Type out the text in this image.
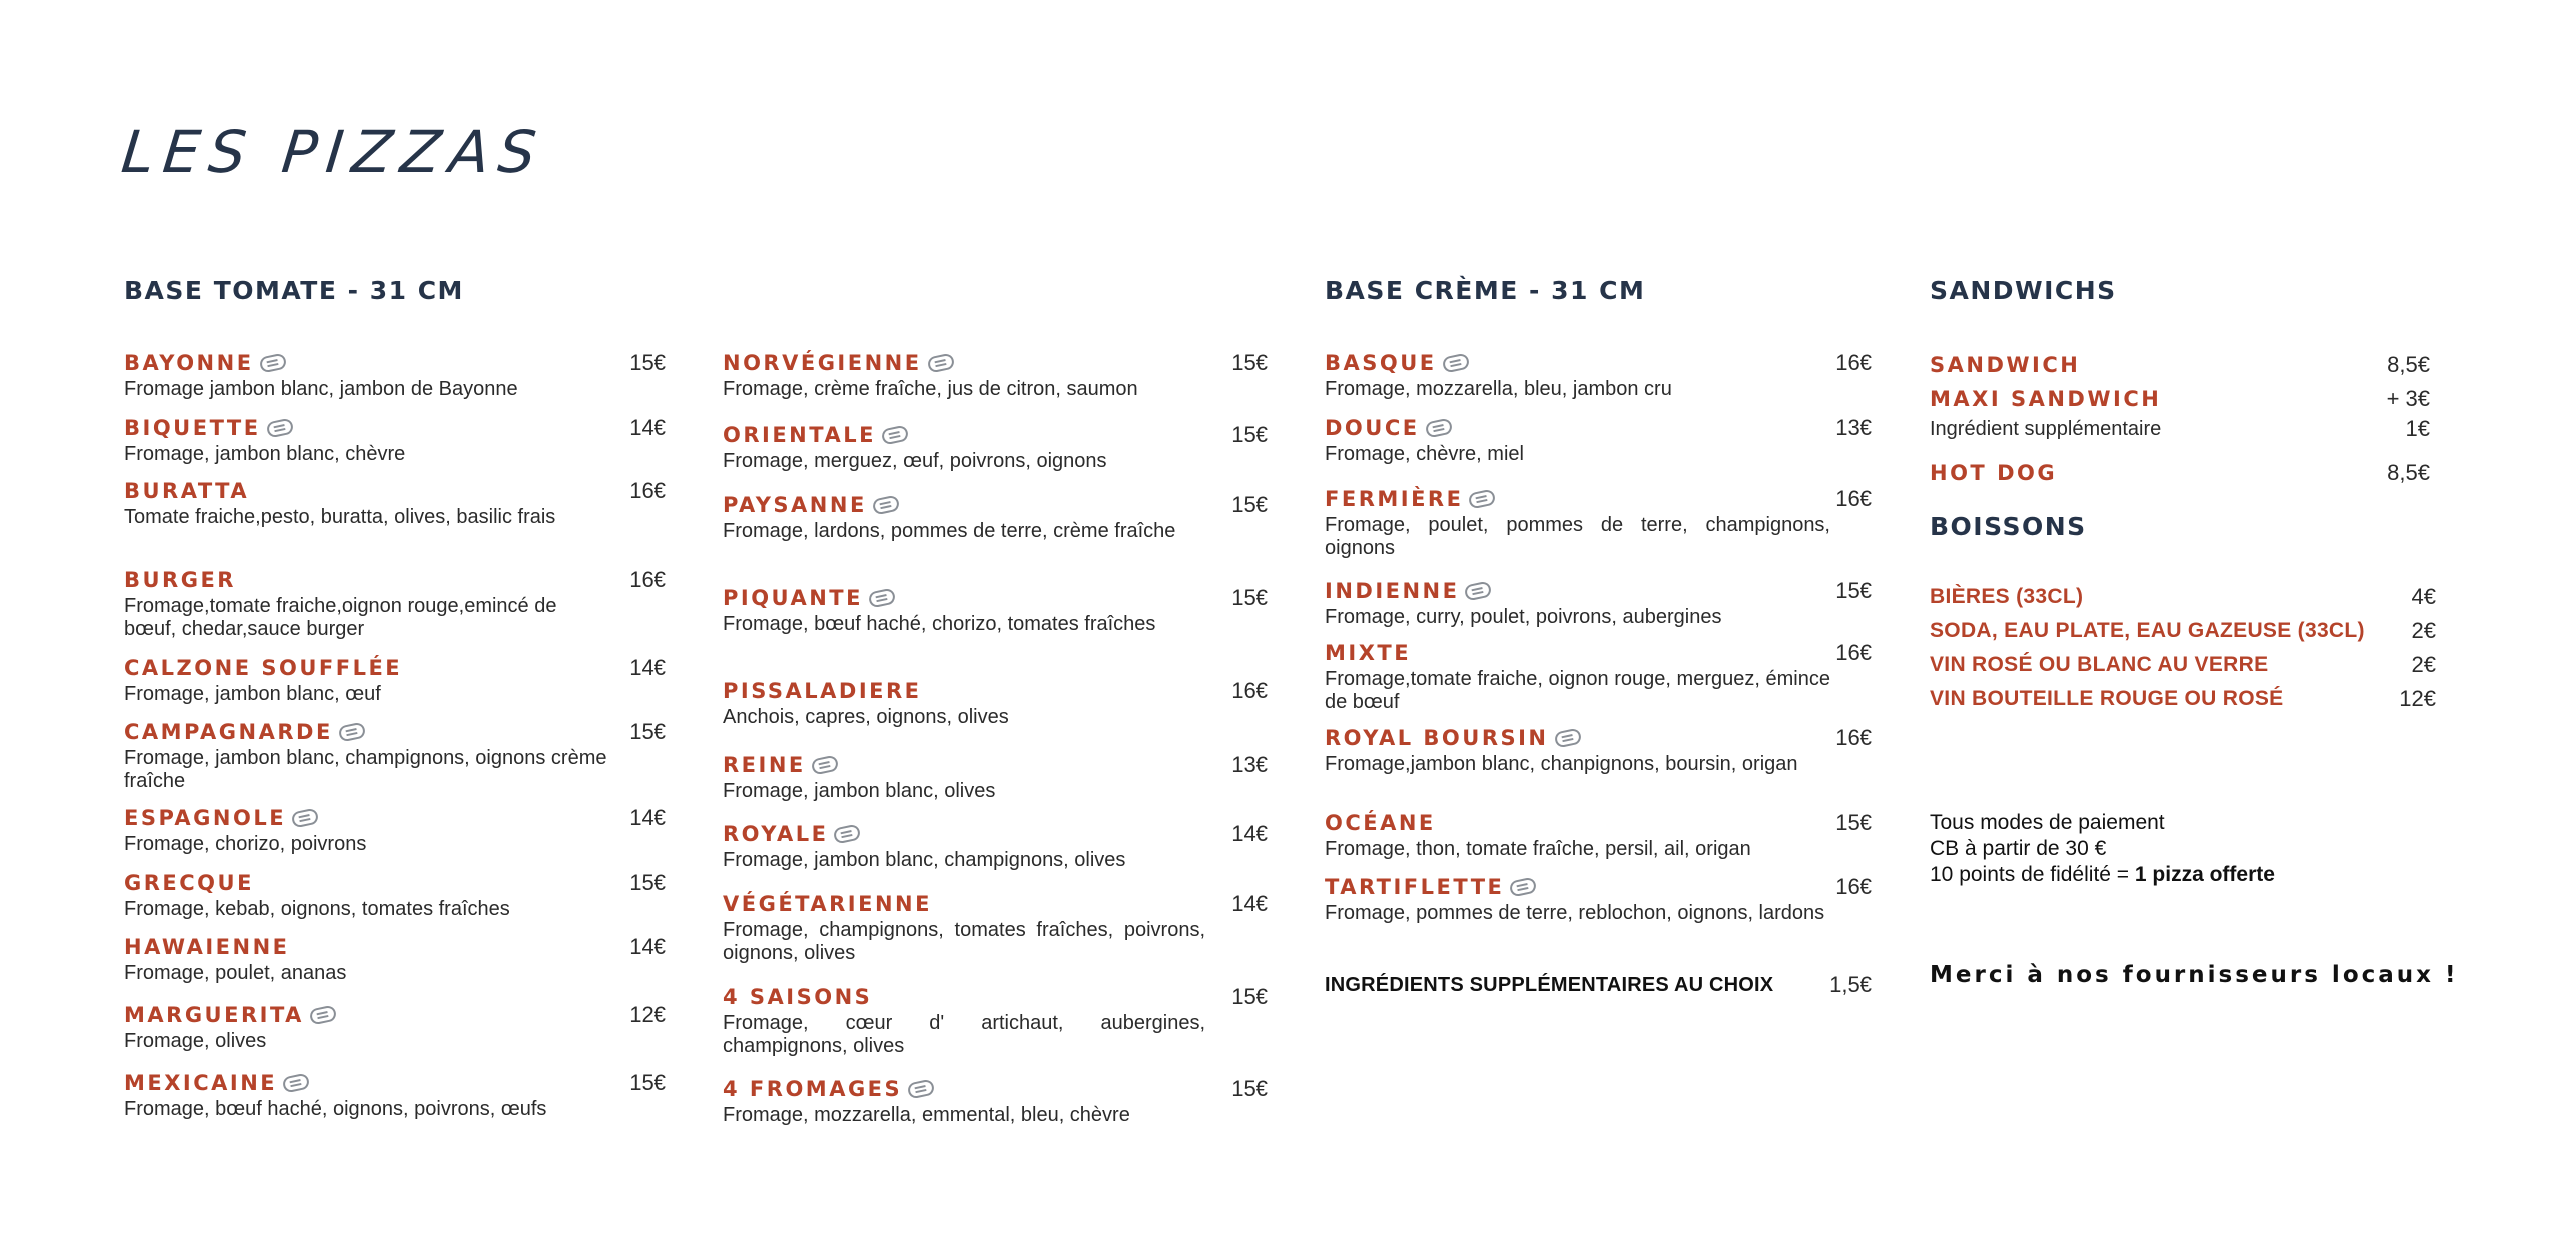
LES PIZZAS
BASE TOMATE - 31 CM	BASE CRÈME - 31 CM	SANDWICHS
BOISSONS
BAYONNE	15€
Fromage jambon blanc, jambon de Bayonne
BIQUETTE	14€
Fromage, jambon blanc, chèvre
BURATTA	16€
Tomate fraiche,pesto, buratta, olives, basilic frais
BURGER	16€
Fromage,tomate fraiche,oignon rouge,emincé de bœuf, chedar,sauce burger
CALZONE SOUFFLÉE	14€
Fromage, jambon blanc, œuf
CAMPAGNARDE	15€
Fromage, jambon blanc, champignons, oignons crème fraîche
ESPAGNOLE	14€
Fromage, chorizo, poivrons
GRECQUE	15€
Fromage, kebab, oignons, tomates fraîches
HAWAIENNE	14€
Fromage, poulet, ananas
MARGUERITA	12€
Fromage, olives
MEXICAINE	15€
Fromage, bœuf haché, oignons, poivrons, œufs
NORVÉGIENNE	15€
Fromage, crème fraîche, jus de citron, saumon
ORIENTALE	15€
Fromage, merguez, œuf, poivrons, oignons
PAYSANNE	15€
Fromage, lardons, pommes de terre, crème fraîche
PIQUANTE	15€
Fromage, bœuf haché, chorizo, tomates fraîches
PISSALADIERE	16€
Anchois, capres, oignons, olives
REINE	13€
Fromage, jambon blanc, olives
ROYALE	14€
Fromage, jambon blanc, champignons, olives
VÉGÉTARIENNE	14€
Fromage, champignons, tomates fraîches, poivrons, oignons, olives
4 SAISONS	15€
Fromage, cœur d' artichaut, aubergines, champignons, olives
4 FROMAGES	15€
Fromage, mozzarella, emmental, bleu, chèvre
BASQUE	16€
Fromage, mozzarella, bleu, jambon cru
DOUCE	13€
Fromage, chèvre, miel
FERMIÈRE	16€
Fromage, poulet, pommes de terre, champignons, oignons
INDIENNE	15€
Fromage, curry, poulet, poivrons, aubergines
MIXTE	16€
Fromage,tomate fraiche, oignon rouge, merguez, émince de bœuf
ROYAL BOURSIN	16€
Fromage,jambon blanc, chanpignons, boursin, origan
OCÉANE	15€
Fromage, thon, tomate fraîche, persil, ail, origan
TARTIFLETTE	16€
Fromage, pommes de terre, reblochon, oignons, lardons
INGRÉDIENTS SUPPLÉMENTAIRES AU CHOIX	1,5€
SANDWICH	8,5€
MAXI SANDWICH	+ 3€
Ingrédient supplémentaire	1€
HOT DOG	8,5€
BIÈRES (33CL)	4€
SODA, EAU PLATE, EAU GAZEUSE (33CL) 2€
VIN ROSÉ OU BLANC AU VERRE	2€
VIN BOUTEILLE ROUGE OU ROSÉ	12€
Tous modes de paiement
CB à partir de 30 €
10 points de fidélité = 1 pizza offerte
Merci à nos fournisseurs locaux !
